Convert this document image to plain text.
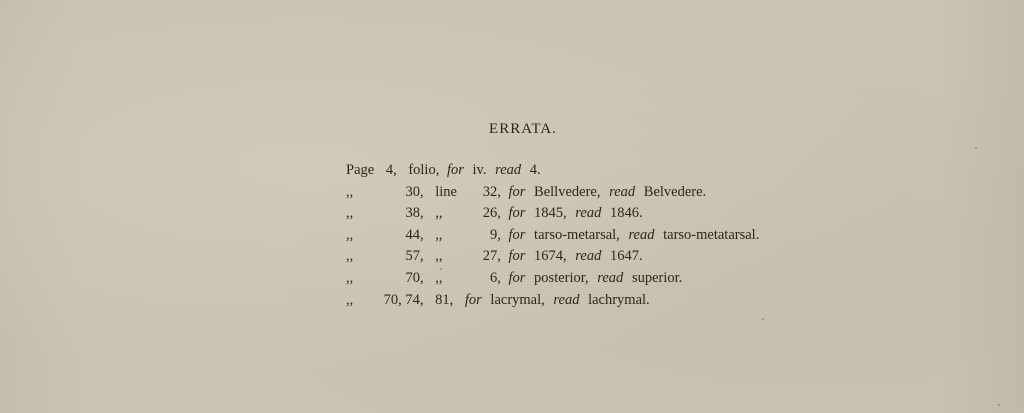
ERRATA.
Page 4, folio, for iv. read 4.
,,	30, line 32, for Bellvedere, read Belvedere.
,,	38, ,,	26, for 1845, read 1846.
,,	44, ,,	9, for tarso-metarsal, read tarso-metatarsal.
,,	57, ,,	27, for 1674, read 1647.
,,	70, ,,	6, for posterior, read superior.
,, 70, 74, 81, for lacrymal, read lachrymal.
